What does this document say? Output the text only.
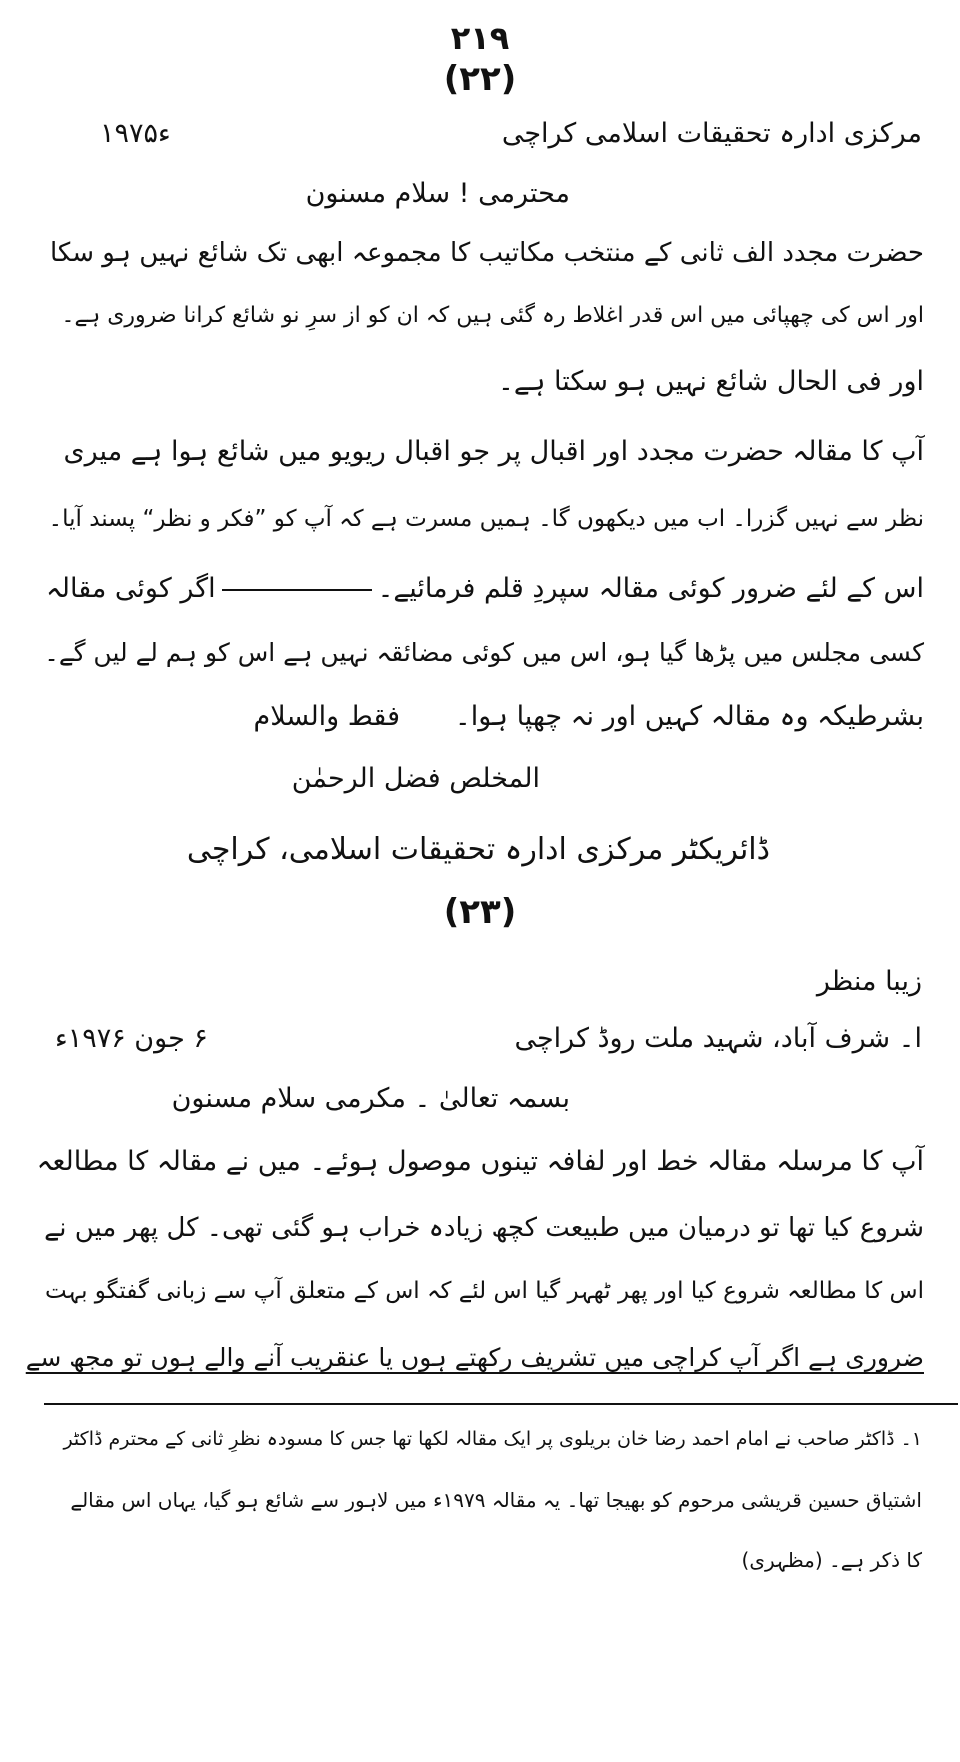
۲۱۹
(۲۲)
مرکزی ادارہ تحقیقات اسلامی کراچی
۱۹۷۵ء
محترمی ! سلام مسنون
حضرت مجدد الف ثانی کے منتخب مکاتیب کا مجموعہ ابھی تک شائع نہیں ہو سکا
اور اس کی چھپائی میں اس قدر اغلاط رہ گئی ہیں کہ ان کو از سرِ نو شائع کرانا ضروری ہے۔
اور فی الحال شائع نہیں ہو سکتا ہے۔
آپ کا مقالہ حضرت مجدد اور اقبال پر جو اقبال ریویو میں شائع ہوا ہے میری
نظر سے نہیں گزرا۔ اب میں دیکھوں گا۔ ہمیں مسرت ہے کہ آپ کو ”فکر و نظر“ پسند آیا۔
اس کے لئے ضرور کوئی مقالہ سپردِ قلم فرمائیے۔اگر کوئی مقالہ
کسی مجلس میں پڑھا گیا ہو، اس میں کوئی مضائقہ نہیں ہے اس کو ہم لے لیں گے۔
بشرطیکہ وہ مقالہ کہیں اور نہ چھپا ہوا۔
فقط والسلام
المخلص فضل الرحمٰن
ڈائریکٹر مرکزی ادارہ تحقیقات اسلامی، کراچی
(۲۳)
زیبا منظر
ا۔ شرف آباد، شہید ملت روڈ کراچی
۶ جون ۱۹۷۶ء
بسمہ تعالیٰ ۔ مکرمی سلام مسنون
آپ کا مرسلہ مقالہ خط اور لفافہ تینوں موصول ہوئے۔ میں نے مقالہ کا مطالعہ
شروع کیا تھا تو درمیان میں طبیعت کچھ زیادہ خراب ہو گئی تھی۔ کل پھر میں نے
اس کا مطالعہ شروع کیا اور پھر ٹھہر گیا اس لئے کہ اس کے متعلق آپ سے زبانی گفتگو بہت
ضروری ہے اگر آپ کراچی میں تشریف رکھتے ہوں یا عنقریب آنے والے ہوں تو مجھ سے
۱۔ ڈاکٹر صاحب نے امام احمد رضا خان بریلوی پر ایک مقالہ لکھا تھا جس کا مسودہ نظرِ ثانی کے محترم ڈاکٹر
اشتیاق حسین قریشی مرحوم کو بھیجا تھا۔ یہ مقالہ ۱۹۷۹ء میں لاہور سے شائع ہو گیا، یہاں اس مقالے
کا ذکر ہے۔ (مظہری)
